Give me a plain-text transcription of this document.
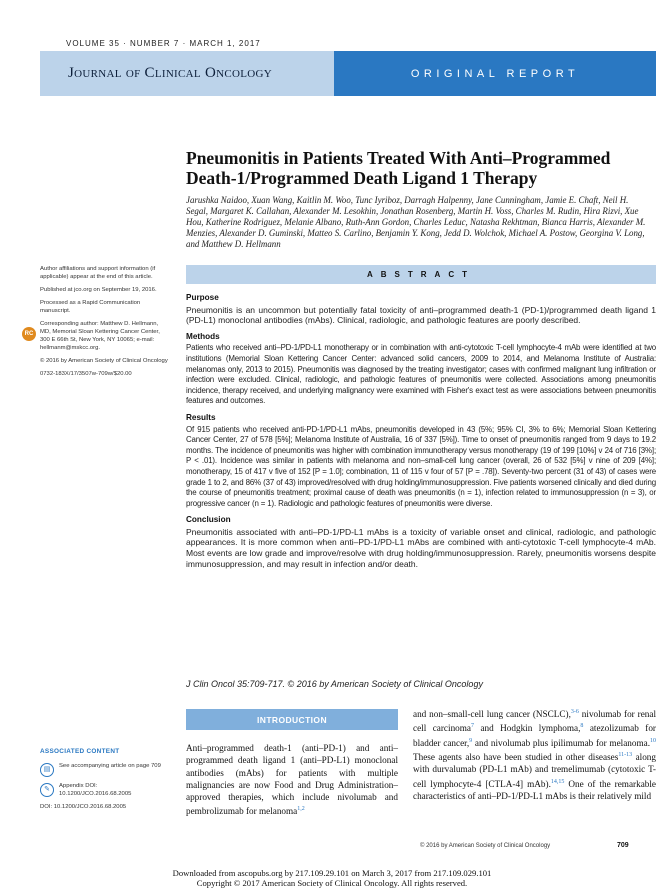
VOLUME 35 · NUMBER 7 · MARCH 1, 2017
Journal of Clinical Oncology	ORIGINAL REPORT
Pneumonitis in Patients Treated With Anti–Programmed Death-1/Programmed Death Ligand 1 Therapy
Jarushka Naidoo, Xuan Wang, Kaitlin M. Woo, Tunc Iyriboz, Darragh Halpenny, Jane Cunningham, Jamie E. Chaft, Neil H. Segal, Margaret K. Callahan, Alexander M. Lesokhin, Jonathan Rosenberg, Martin H. Voss, Charles M. Rudin, Hira Rizvi, Xue Hou, Katherine Rodriguez, Melanie Albano, Ruth-Ann Gordon, Charles Leduc, Natasha Rekhtman, Bianca Harris, Alexander M. Menzies, Alexander D. Guminski, Matteo S. Carlino, Benjamin Y. Kong, Jedd D. Wolchok, Michael A. Postow, Georgina V. Long, and Matthew D. Hellmann

Author affiliations and support information (if applicable) appear at the end of this article.

Published at jco.org on September 19, 2016.

RC

Processed as a Rapid Communication manuscript.

Corresponding author: Matthew D. Hellmann, MD, Memorial Sloan Kettering Cancer Center, 300 E 66th St, New York, NY 10065; e-mail: hellmanm@mskcc.org.

© 2016 by American Society of Clinical Oncology

0732-183X/17/3507w-709w/$20.00

ABSTRACT
Purpose

Pneumonitis is an uncommon but potentially fatal toxicity of anti–programmed death-1 (PD-1)/programmed death ligand 1 (PD-L1) monoclonal antibodies (mAbs). Clinical, radiologic, and pathologic features are poorly described.

Methods

Patients who received anti–PD-1/PD-L1 monotherapy or in combination with anti-cytotoxic T-cell lymphocyte-4 mAb were identified at two institutions (Memorial Sloan Kettering Cancer Center: advanced solid cancers, 2009 to 2014, and Melanoma Institute of Australia: melanomas only, 2013 to 2015). Pneumonitis was diagnosed by the treating investigator; cases with confirmed malignant lung infiltration or infection were excluded. Clinical, radiologic, and pathologic features of pneumonitis were collected. Associations among pneumonitis incidence, therapy received, and underlying malignancy were examined with Fisher's exact test as were associations between pneumonitis features and outcomes.

Results

Of 915 patients who received anti-PD-1/PD-L1 mAbs, pneumonitis developed in 43 (5%; 95% CI, 3% to 6%; Memorial Sloan Kettering Cancer Center, 27 of 578 [5%]; Melanoma Institute of Australia, 16 of 337 [5%]). Time to onset of pneumonitis ranged from 9 days to 19.2 months. The incidence of pneumonitis was higher with combination immunotherapy versus monotherapy (19 of 199 [10%] v 24 of 716 [3%]; P < .01). Incidence was similar in patients with melanoma and non–small-cell lung cancer (overall, 26 of 532 [5%] v nine of 209 [4%]; monotherapy, 15 of 417 v five of 152 [P = 1.0]; combination, 11 of 115 v four of 57 [P = .78]). Seventy-two percent (31 of 43) of cases were grade 1 to 2, and 86% (37 of 43) improved/resolved with drug holding/immunosuppression. Five patients worsened clinically and died during the course of pneumonitis treatment; proximal cause of death was pneumonitis (n = 1), infection related to immunosuppression (n = 3), or progressive cancer (n = 1). Radiologic and pathologic features of pneumonitis were diverse.

Conclusion

Pneumonitis associated with anti–PD-1/PD-L1 mAbs is a toxicity of variable onset and clinical, radiologic, and pathologic appearances. It is more common when anti–PD-1/PD-L1 mAbs are combined with anti-cytotoxic T-cell lymphocyte-4 mAb. Most events are low grade and improve/resolve with drug holding/immunosuppression. Rarely, pneumonitis worsens despite immunosuppression, and may result in infection and/or death.

J Clin Oncol 35:709-717. © 2016 by American Society of Clinical Oncology
INTRODUCTION
Anti–programmed death-1 (anti–PD-1) and anti–programmed death ligand 1 (anti–PD-L1) monoclonal antibodies (mAbs) for patients with multiple malignancies are now Food and Drug Administration–approved therapies, which include nivolumab and pembrolizumab for melanoma$^{1,2}$
and non–small-cell lung cancer (NSCLC),$^{3-6}$ nivolumab for renal cell carcinoma$^7$ and Hodgkin lymphoma,$^8$ atezolizumab for bladder cancer,$^9$ and nivolumab plus ipilimumab for melanoma.$^{10}$ These agents also have been studied in other diseases$^{11-13}$ along with durvalumab (PD-L1 mAb) and tremelimumab (cytotoxic T-cell lymphocyte-4 [CTLA-4] mAb).$^{14,15}$ One of the remarkable characteristics of anti–PD-1/PD-L1 mAbs is their relatively mild
ASSOCIATED CONTENT
▤
See accompanying article on page 709
✎
Appendix DOI: 10.1200/JCO.2016.68.2005
DOI: 10.1200/JCO.2016.68.2005
© 2016 by American Society of Clinical Oncology	709
Downloaded from ascopubs.org by 217.109.29.101 on March 3, 2017 from 217.109.029.101
Copyright © 2017 American Society of Clinical Oncology. All rights reserved.
